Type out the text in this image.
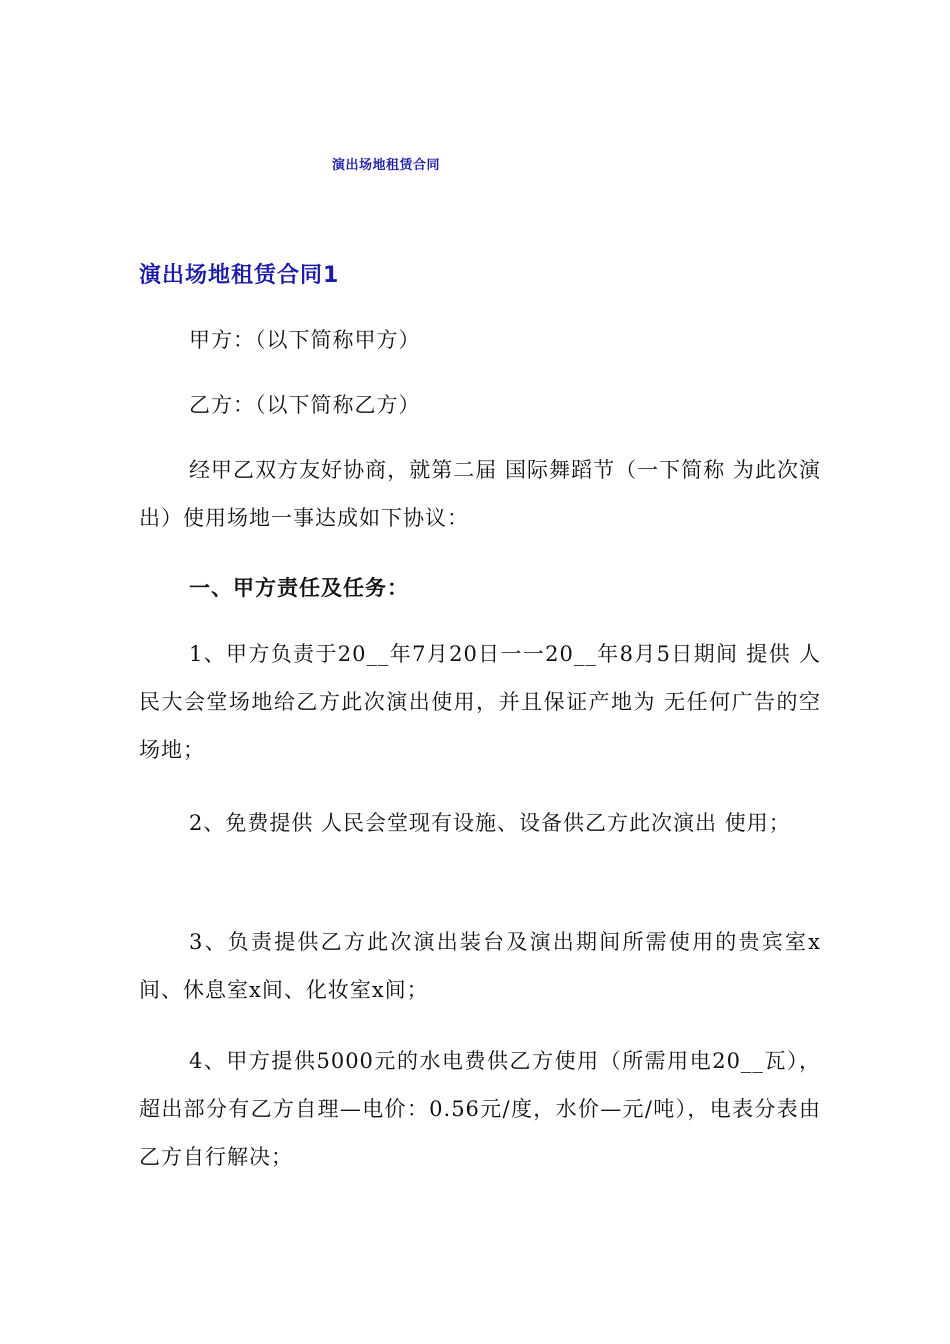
演出场地租赁合同
演出场地租赁合同1

甲方：（以下简称甲方）

乙方：（以下简称乙方）

经甲乙双方友好协商，就第二届 国际舞蹈节（一下简称 为此次演出）使用场地一事达成如下协议：

一、甲方责任及任务：

1、甲方负责于20__年7月20日一一20__年8月5日期间 提供 人民大会堂场地给乙方此次演出使用，并且保证产地为 无任何广告的空场地；

2、免费提供 人民会堂现有设施、设备供乙方此次演出 使用；

3、负责提供乙方此次演出装台及演出期间所需使用的贵宾室x间、休息室x间、化妆室x间；

4、甲方提供5000元的水电费供乙方使用（所需用电20__瓦），超出部分有乙方自理—电价：0.56元/度，水价—元/吨），电表分表由乙方自行解决；
